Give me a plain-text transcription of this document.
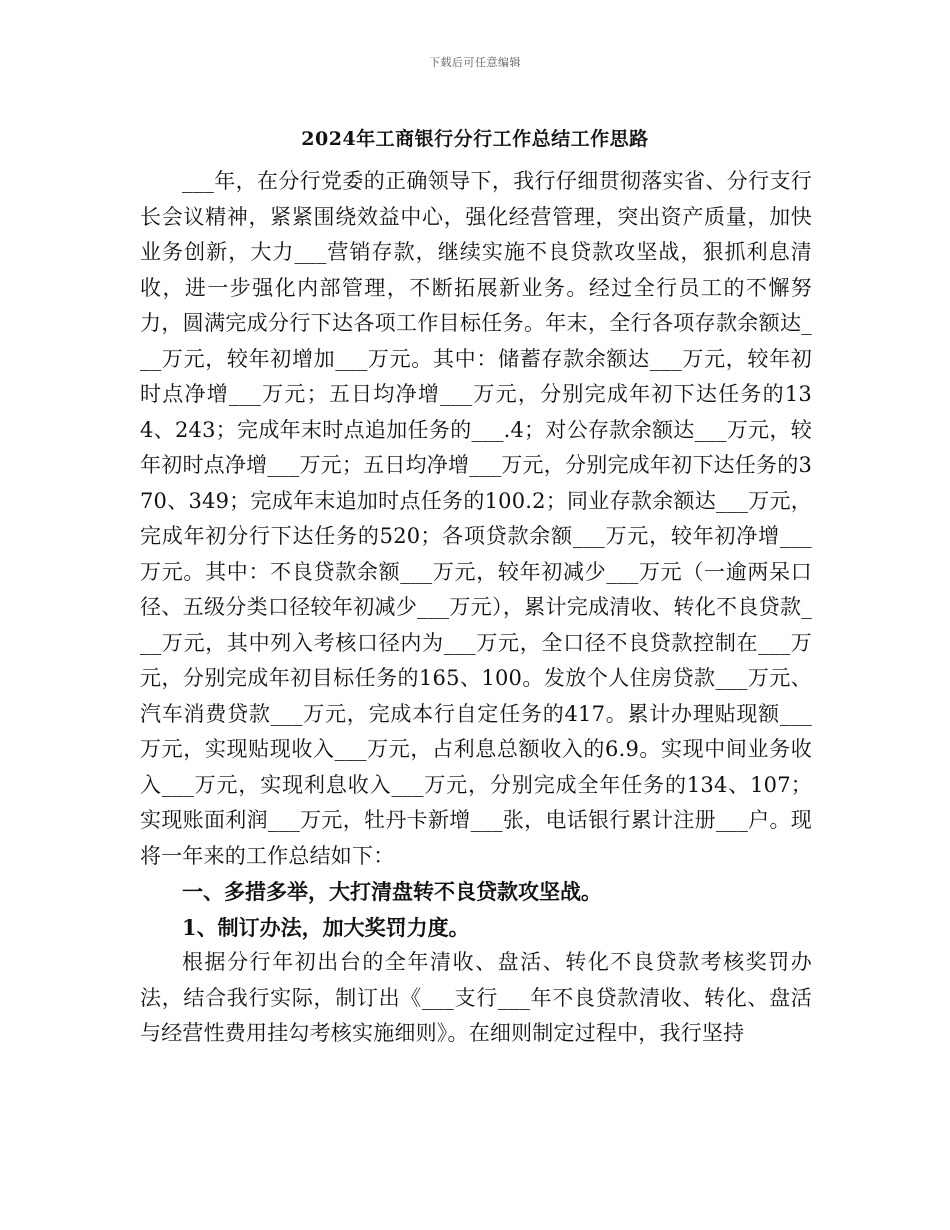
下载后可任意编辑
2024年工商银行分行工作总结工作思路

___年，在分行党委的正确领导下，我行仔细贯彻落实省、分行支行长会议精神，紧紧围绕效益中心，强化经营管理，突出资产质量，加快业务创新，大力___营销存款，继续实施不良贷款攻坚战，狠抓利息清收，进一步强化内部管理，不断拓展新业务。经过全行员工的不懈努力，圆满完成分行下达各项工作目标任务。年末，全行各项存款余额达___万元，较年初增加___万元。其中：储蓄存款余额达___万元，较年初时点净增___万元；五日均净增___万元，分别完成年初下达任务的134、243；完成年末时点追加任务的___.4；对公存款余额达___万元，较年初时点净增___万元；五日均净增___万元，分别完成年初下达任务的370、349；完成年末追加时点任务的100.2；同业存款余额达___万元，完成年初分行下达任务的520；各项贷款余额___万元，较年初净增___万元。其中：不良贷款余额___万元，较年初减少___万元（一逾两呆口径、五级分类口径较年初减少___万元），累计完成清收、转化不良贷款___万元，其中列入考核口径内为___万元，全口径不良贷款控制在___万元，分别完成年初目标任务的165、100。发放个人住房贷款___万元、汽车消费贷款___万元，完成本行自定任务的417。累计办理贴现额___万元，实现贴现收入___万元，占利息总额收入的6.9。实现中间业务收入___万元，实现利息收入___万元，分别完成全年任务的134、107；实现账面利润___万元，牡丹卡新增___张，电话银行累计注册___户。现将一年来的工作总结如下：

一、多措多举，大打清盘转不良贷款攻坚战。

1、制订办法，加大奖罚力度。

根据分行年初出台的全年清收、盘活、转化不良贷款考核奖罚办法，结合我行实际，制订出《___支行___年不良贷款清收、转化、盘活与经营性费用挂勾考核实施细则》。在细则制定过程中，我行坚持
